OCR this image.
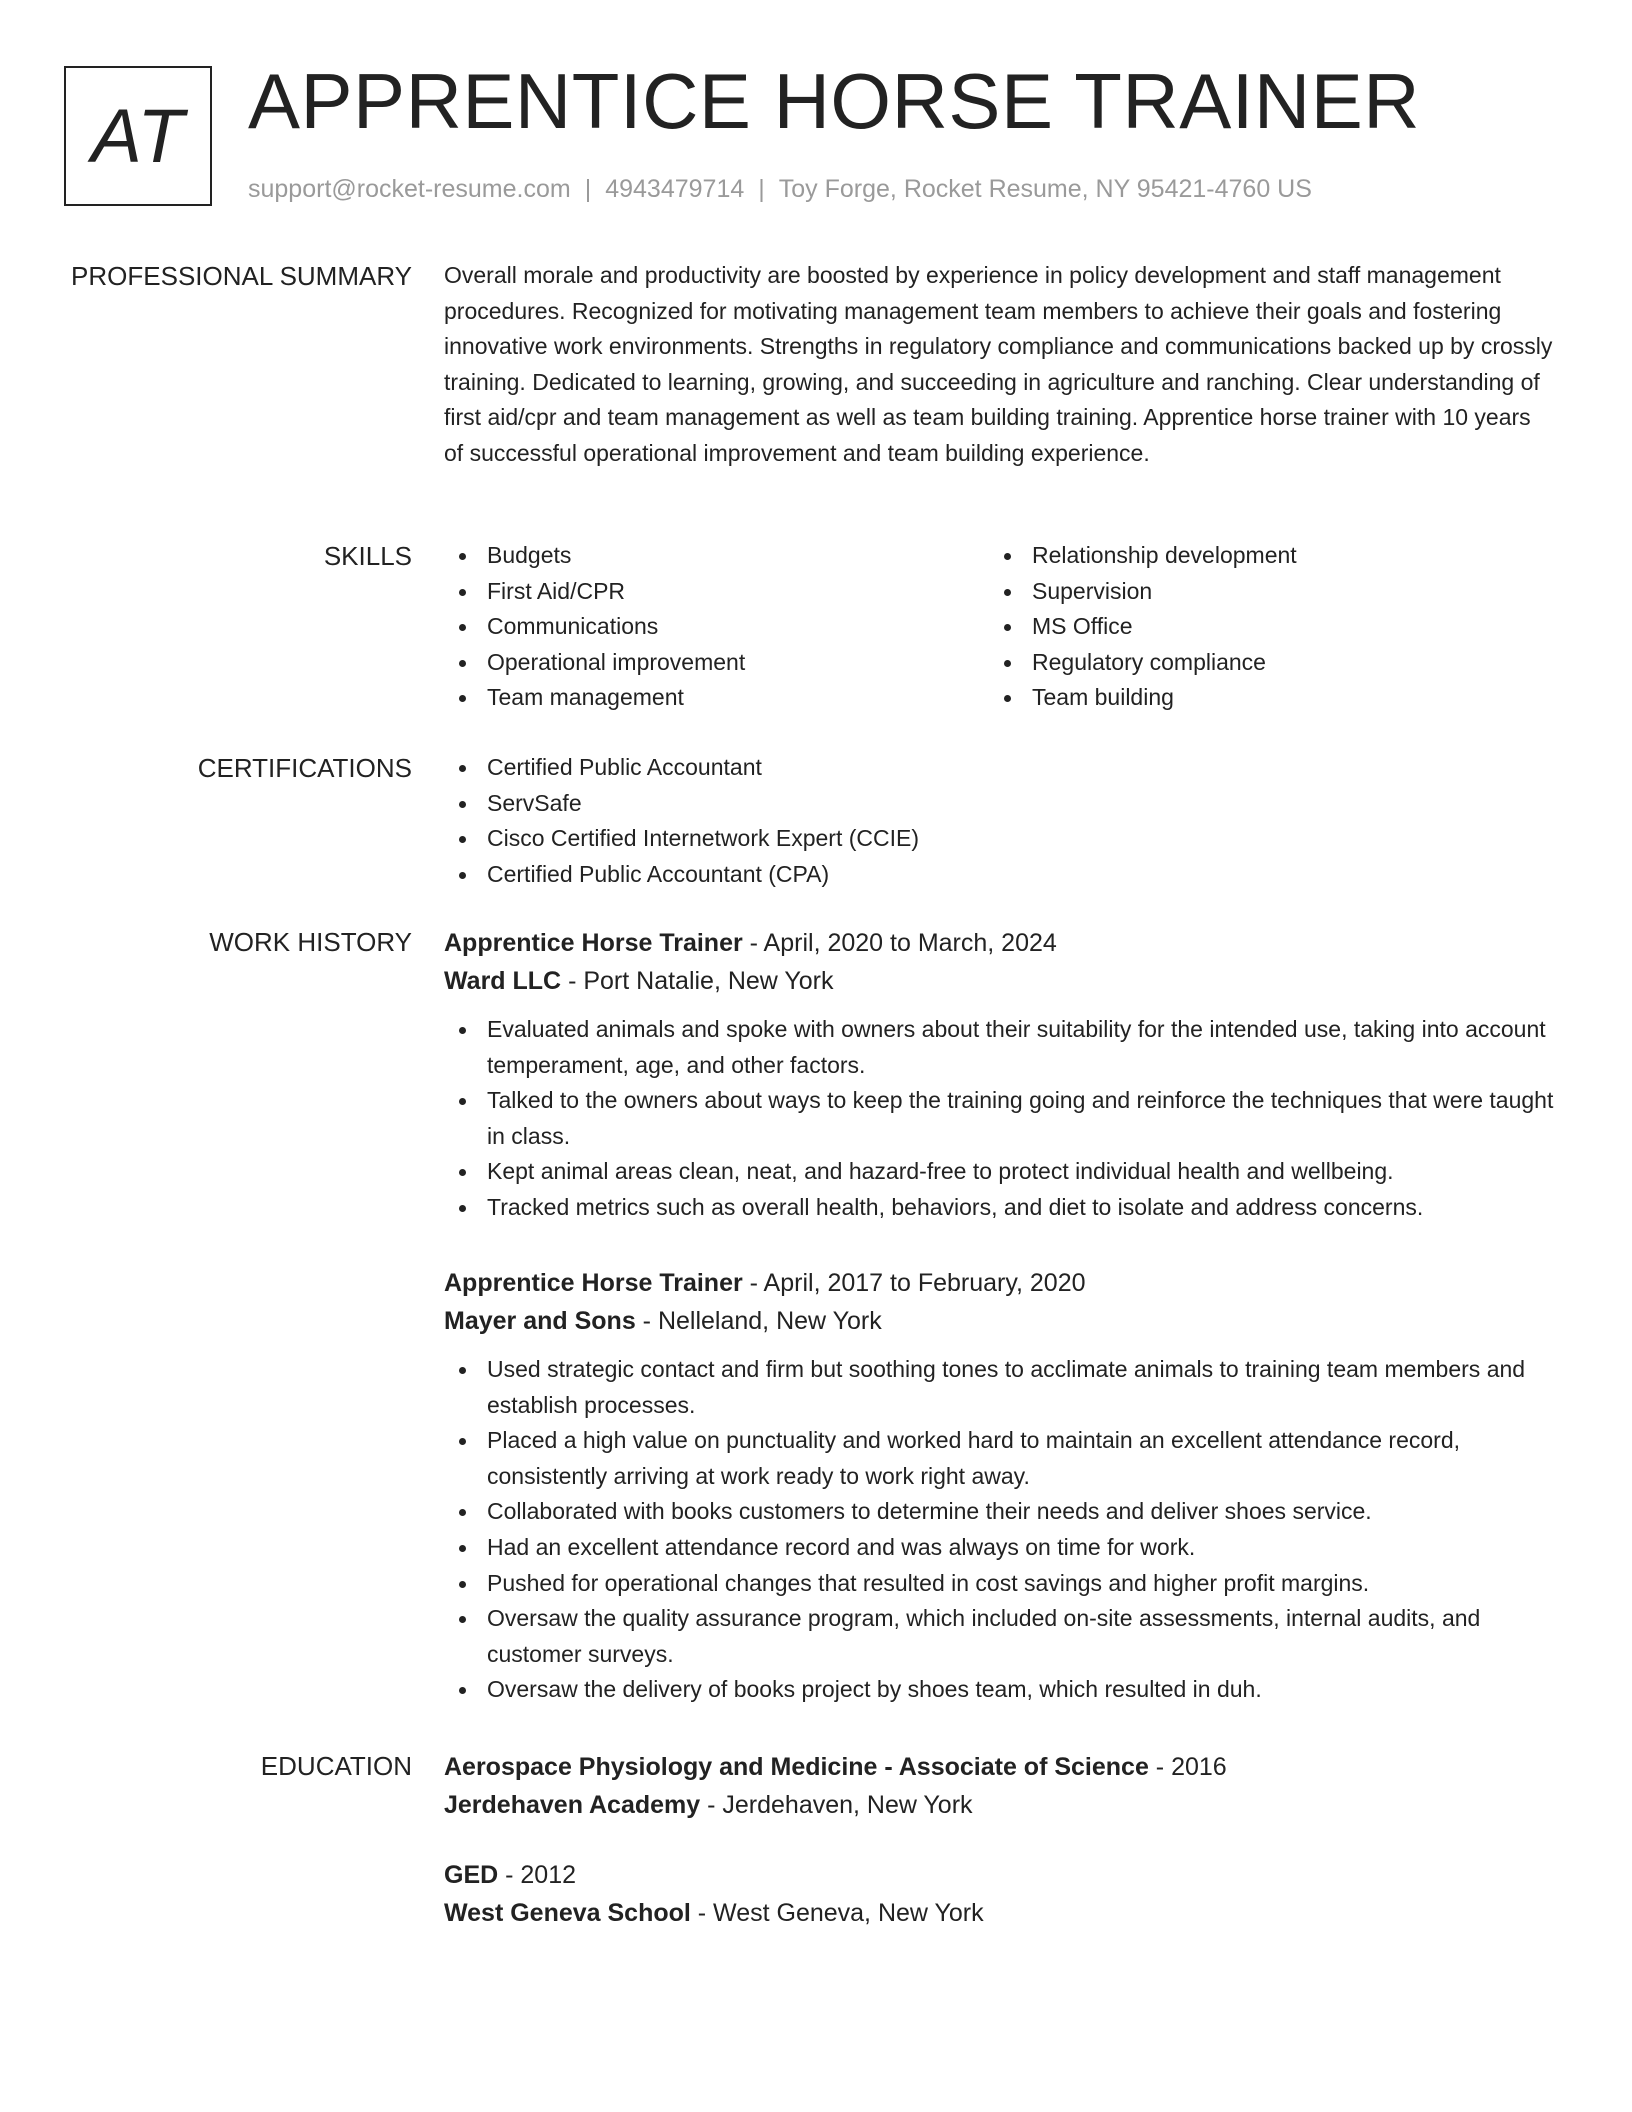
AT APPRENTICE HORSE TRAINER
support@rocket-resume.com | 4943479714 | Toy Forge, Rocket Resume, NY 95421-4760 US
PROFESSIONAL SUMMARY Overall morale and productivity are boosted by experience in policy development and staff management procedures. Recognized for motivating management team members to achieve their goals and fostering innovative work environments. Strengths in regulatory compliance and communications backed up by crossly training. Dedicated to learning, growing, and succeeding in agriculture and ranching. Clear understanding of first aid/cpr and team management as well as team building training. Apprentice horse trainer with 10 years of successful operational improvement and team building experience.

SKILLS	Budgets
First Aid/CPR
Communications
Operational improvement
Team management
Relationship development
Supervision
MS Office
Regulatory compliance
Team building
CERTIFICATIONS	Certified Public Accountant
ServSafe
Cisco Certified Internetwork Expert (CCIE)
Certified Public Accountant (CPA)
WORK HISTORY Apprentice Horse Trainer - April, 2020 to March, 2024
Ward LLC - Port Natalie, New York
Evaluated animals and spoke with owners about their suitability for the intended use, taking into account temperament, age, and other factors.
Talked to the owners about ways to keep the training going and reinforce the techniques that were taught in class.
Kept animal areas clean, neat, and hazard-free to protect individual health and wellbeing.
Tracked metrics such as overall health, behaviors, and diet to isolate and address concerns.
Apprentice Horse Trainer - April, 2017 to February, 2020
Mayer and Sons - Nelleland, New York
Used strategic contact and firm but soothing tones to acclimate animals to training team members and establish processes.
Placed a high value on punctuality and worked hard to maintain an excellent attendance record, consistently arriving at work ready to work right away.
Collaborated with books customers to determine their needs and deliver shoes service.
Had an excellent attendance record and was always on time for work.
Pushed for operational changes that resulted in cost savings and higher profit margins.
Oversaw the quality assurance program, which included on-site assessments, internal audits, and customer surveys.
Oversaw the delivery of books project by shoes team, which resulted in duh.
EDUCATION Aerospace Physiology and Medicine - Associate of Science - 2016
Jerdehaven Academy - Jerdehaven, New York
GED - 2012
West Geneva School - West Geneva, New York
